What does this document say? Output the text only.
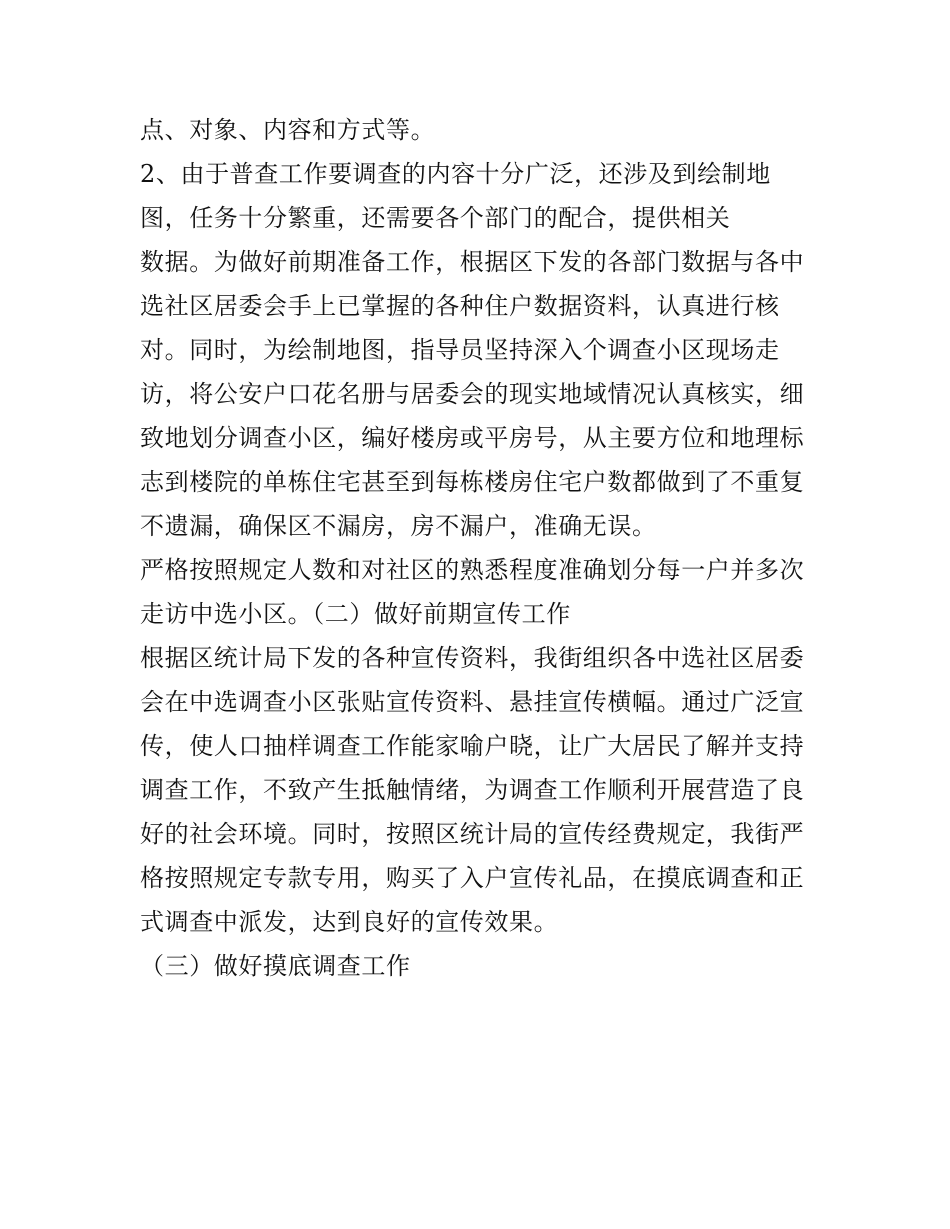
点、对象、内容和方式等。
2、由于普查工作要调查的内容十分广泛，还涉及到绘制地
图，任务十分繁重，还需要各个部门的配合，提供相关
数据。为做好前期准备工作，根据区下发的各部门数据与各中
选社区居委会手上已掌握的各种住户数据资料，认真进行核
对。同时，为绘制地图，指导员坚持深入个调查小区现场走
访，将公安户口花名册与居委会的现实地域情况认真核实，细
致地划分调查小区，编好楼房或平房号，从主要方位和地理标
志到楼院的单栋住宅甚至到每栋楼房住宅户数都做到了不重复
不遗漏，确保区不漏房，房不漏户，准确无误。
严格按照规定人数和对社区的熟悉程度准确划分每一户并多次
走访中选小区。（二）做好前期宣传工作
根据区统计局下发的各种宣传资料，我街组织各中选社区居委
会在中选调查小区张贴宣传资料、悬挂宣传横幅。通过广泛宣
传，使人口抽样调查工作能家喻户晓，让广大居民了解并支持
调查工作，不致产生抵触情绪，为调查工作顺利开展营造了良
好的社会环境。同时，按照区统计局的宣传经费规定，我街严
格按照规定专款专用，购买了入户宣传礼品，在摸底调查和正
式调查中派发，达到良好的宣传效果。
（三）做好摸底调查工作
